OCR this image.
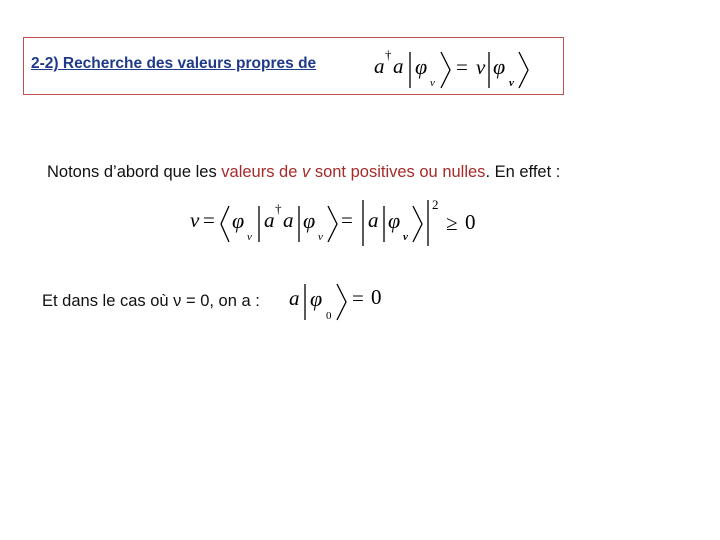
2-2) Recherche des valeurs propres de	a † a φ
v
= v φ
v
Notons d’abord que les valeurs de v sont positives ou nulles. En effet :
v = φ
v
a † a φ
v
= a φ
v
2
≥ 0
Et dans le cas où ν = 0, on a : a φ
0
= 0
